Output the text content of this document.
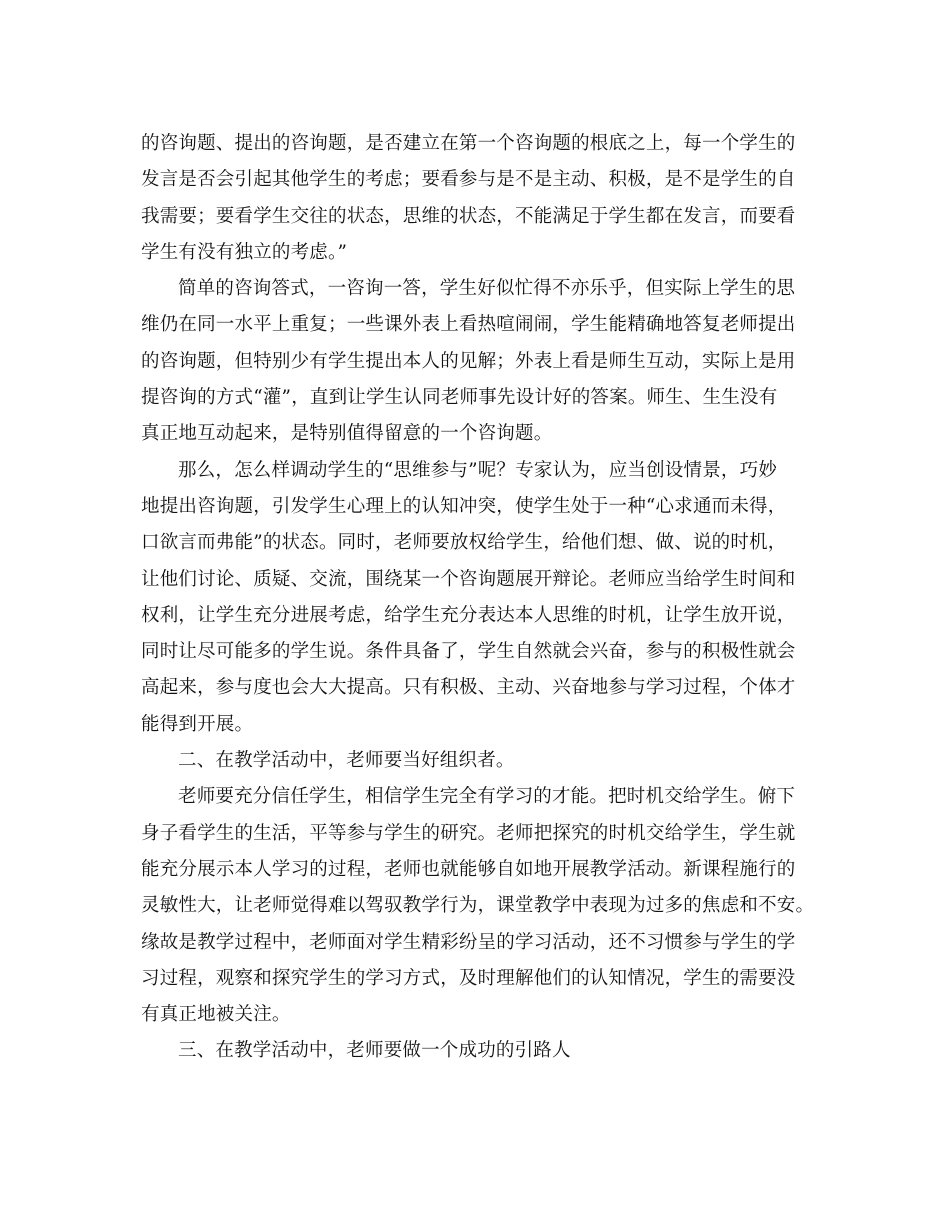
的咨询题、提出的咨询题，是否建立在第一个咨询题的根底之上，每一个学生的
发言是否会引起其他学生的考虑；要看参与是不是主动、积极，是不是学生的自
我需要；要看学生交往的状态，思维的状态，不能满足于学生都在发言，而要看
学生有没有独立的考虑。”
简单的咨询答式，一咨询一答，学生好似忙得不亦乐乎，但实际上学生的思
维仍在同一水平上重复；一些课外表上看热喧闹闹，学生能精确地答复老师提出
的咨询题，但特别少有学生提出本人的见解；外表上看是师生互动，实际上是用
提咨询的方式“灌”，直到让学生认同老师事先设计好的答案。师生、生生没有
真正地互动起来，是特别值得留意的一个咨询题。
那么，怎么样调动学生的“思维参与”呢？专家认为，应当创设情景，巧妙
地提出咨询题，引发学生心理上的认知冲突，使学生处于一种“心求通而未得，
口欲言而弗能”的状态。同时，老师要放权给学生，给他们想、做、说的时机，
让他们讨论、质疑、交流，围绕某一个咨询题展开辩论。老师应当给学生时间和
权利，让学生充分进展考虑，给学生充分表达本人思维的时机，让学生放开说，
同时让尽可能多的学生说。条件具备了，学生自然就会兴奋，参与的积极性就会
高起来，参与度也会大大提高。只有积极、主动、兴奋地参与学习过程，个体才
能得到开展。
二、在教学活动中，老师要当好组织者。
老师要充分信任学生，相信学生完全有学习的才能。把时机交给学生。俯下
身子看学生的生活，平等参与学生的研究。老师把探究的时机交给学生，学生就
能充分展示本人学习的过程，老师也就能够自如地开展教学活动。新课程施行的
灵敏性大，让老师觉得难以驾驭教学行为，课堂教学中表现为过多的焦虑和不安。
缘故是教学过程中，老师面对学生精彩纷呈的学习活动，还不习惯参与学生的学
习过程，观察和探究学生的学习方式，及时理解他们的认知情况，学生的需要没
有真正地被关注。
三、在教学活动中，老师要做一个成功的引路人
